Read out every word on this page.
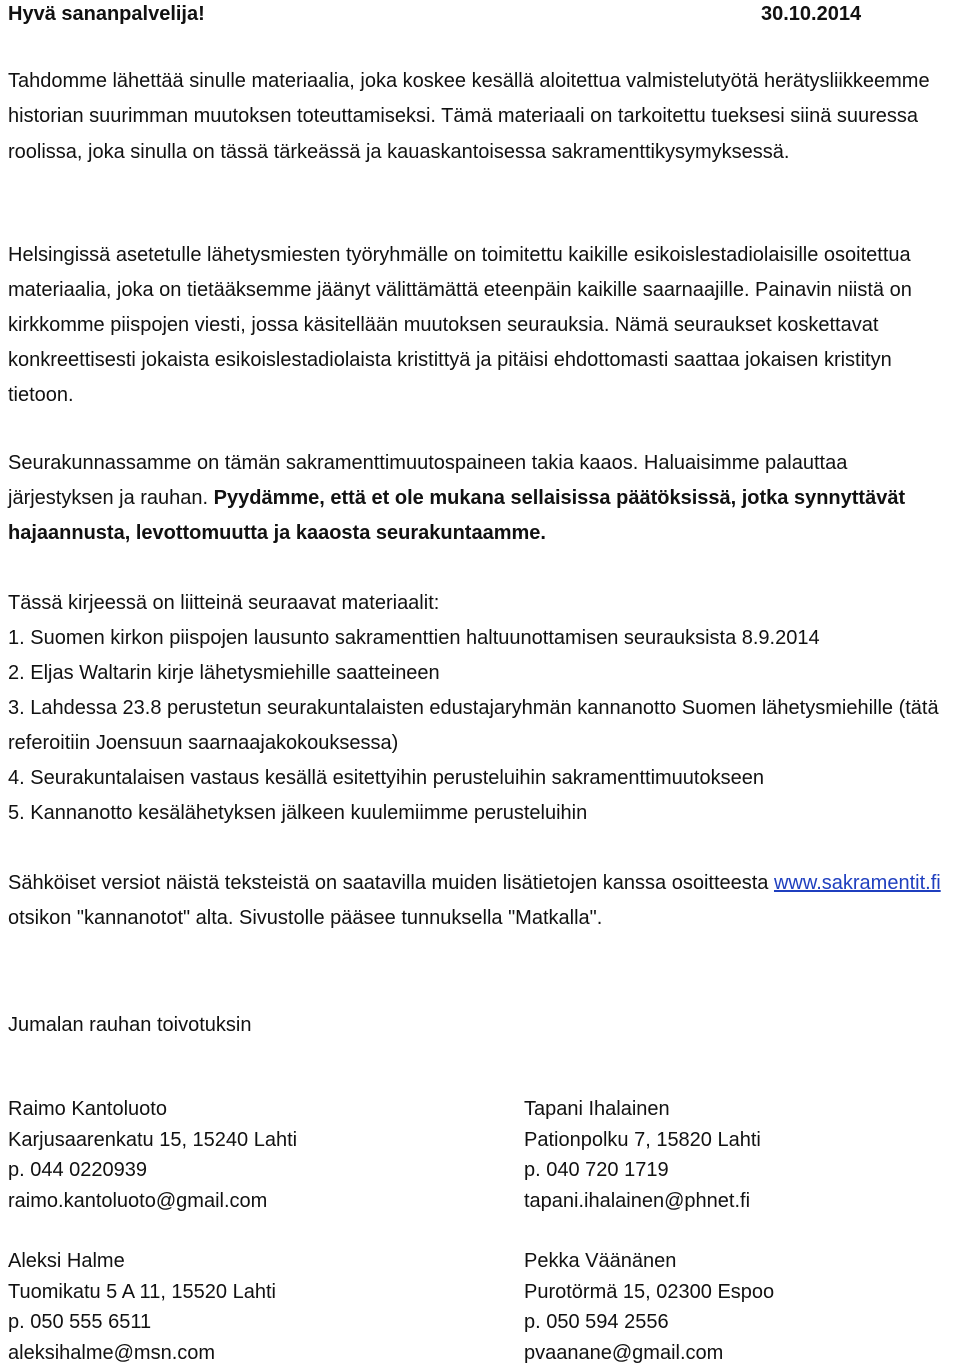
Hyvä sananpalvelija!	30.10.2014

Tahdomme lähettää sinulle materiaalia, joka koskee kesällä aloitettua valmistelutyötä herätysliikkeemme historian suurimman muutoksen toteuttamiseksi. Tämä materiaali on tarkoitettu tueksesi siinä suuressa roolissa, joka sinulla on tässä tärkeässä ja kauaskantoisessa sakramenttikysymyksessä.

Helsingissä asetetulle lähetysmiesten työryhmälle on toimitettu kaikille esikoislestadiolaisille osoitettua materiaalia, joka on tietääksemme jäänyt välittämättä eteenpäin kaikille saarnaajille. Painavin niistä on kirkkomme piispojen viesti, jossa käsitellään muutoksen seurauksia. Nämä seuraukset koskettavat konkreettisesti jokaista esikoislestadiolaista kristittyä ja pitäisi ehdottomasti saattaa jokaisen kristityn tietoon.

Seurakunnassamme on tämän sakramenttimuutospaineen takia kaaos. Haluaisimme palauttaa järjestyksen ja rauhan. Pyydämme, että et ole mukana sellaisissa päätöksissä, jotka synnyttävät hajaannusta, levottomuutta ja kaaosta seurakuntaamme.

Tässä kirjeessä on liitteinä seuraavat materiaalit:
1. Suomen kirkon piispojen lausunto sakramenttien haltuunottamisen seurauksista 8.9.2014
2. Eljas Waltarin kirje lähetysmiehille saatteineen
3. Lahdessa 23.8 perustetun seurakuntalaisten edustajaryhmän kannanotto Suomen lähetysmiehille (tätä referoitiin Joensuun saarnaajakokouksessa)
4. Seurakuntalaisen vastaus kesällä esitettyihin perusteluihin sakramenttimuutokseen
5. Kannanotto kesälähetyksen jälkeen kuulemiimme perusteluihin

Sähköiset versiot näistä teksteistä on saatavilla muiden lisätietojen kanssa osoitteesta www.sakramentit.fi otsikon "kannanotot" alta. Sivustolle pääsee tunnuksella "Matkalla".

Jumalan rauhan toivotuksin

Raimo Kantoluoto
Karjusaarenkatu 15, 15240 Lahti
p. 044 0220939
raimo.kantoluoto@gmail.com
Tapani Ihalainen
Pationpolku 7, 15820 Lahti
p. 040 720 1719
tapani.ihalainen@phnet.fi
Aleksi Halme
Tuomikatu 5 A 11, 15520 Lahti
p. 050 555 6511
aleksihalme@msn.com
Pekka Väänänen
Purotörmä 15, 02300 Espoo
p. 050 594 2556
pvaanane@gmail.com
